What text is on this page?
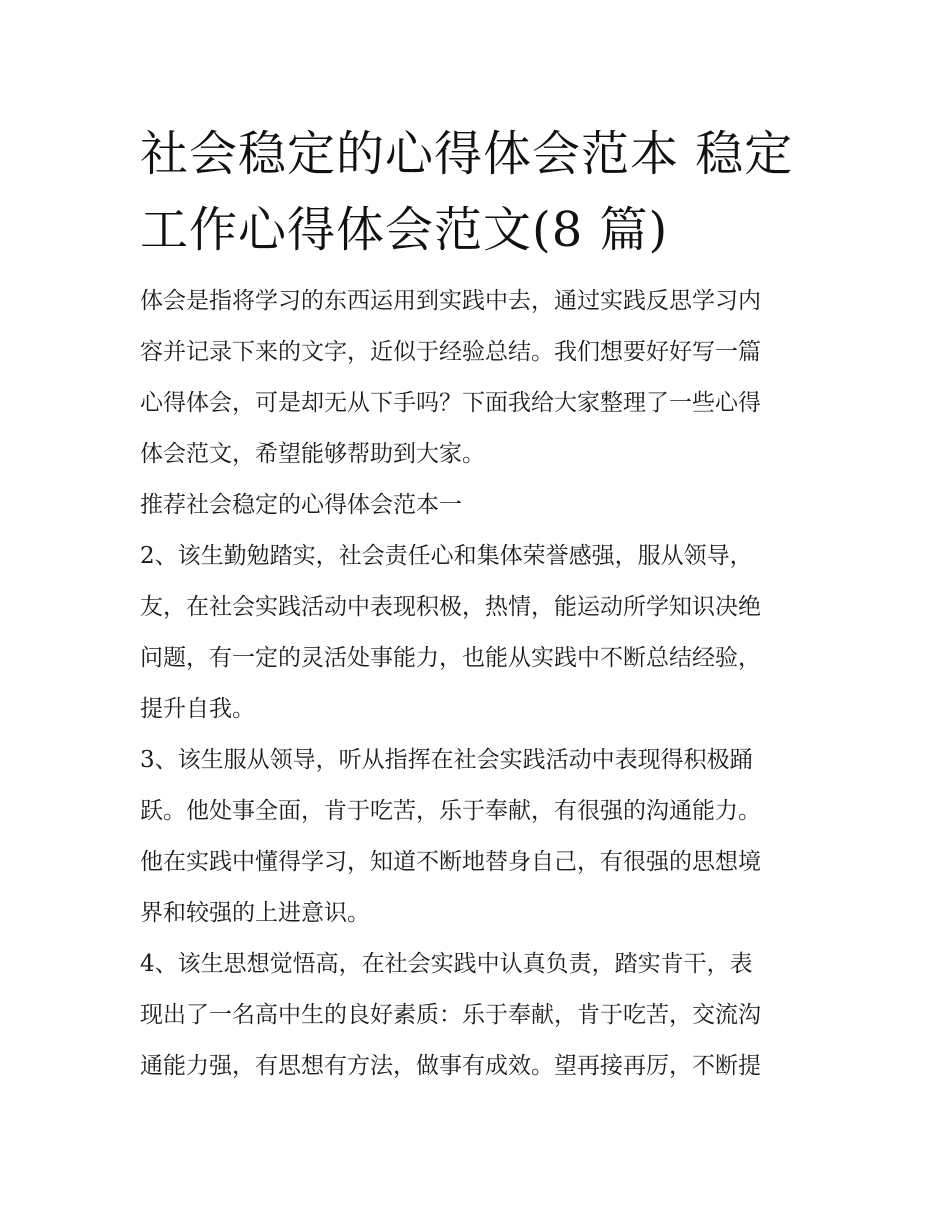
社会稳定的心得体会范本 稳定
工作心得体会范文(8 篇)

体会是指将学习的东西运用到实践中去，通过实践反思学习内
容并记录下来的文字，近似于经验总结。我们想要好好写一篇
心得体会，可是却无从下手吗？下面我给大家整理了一些心得
体会范文，希望能够帮助到大家。

推荐社会稳定的心得体会范本一

2、该生勤勉踏实，社会责任心和集体荣誉感强，服从领导，
友，在社会实践活动中表现积极，热情，能运动所学知识决绝
问题，有一定的灵活处事能力，也能从实践中不断总结经验，
提升自我。

3、该生服从领导，听从指挥在社会实践活动中表现得积极踊
跃。他处事全面，肯于吃苦，乐于奉献，有很强的沟通能力。
他在实践中懂得学习，知道不断地替身自己，有很强的思想境
界和较强的上进意识。

4、该生思想觉悟高，在社会实践中认真负责，踏实肯干，表
现出了一名高中生的良好素质：乐于奉献，肯于吃苦，交流沟
通能力强，有思想有方法，做事有成效。望再接再厉，不断提
